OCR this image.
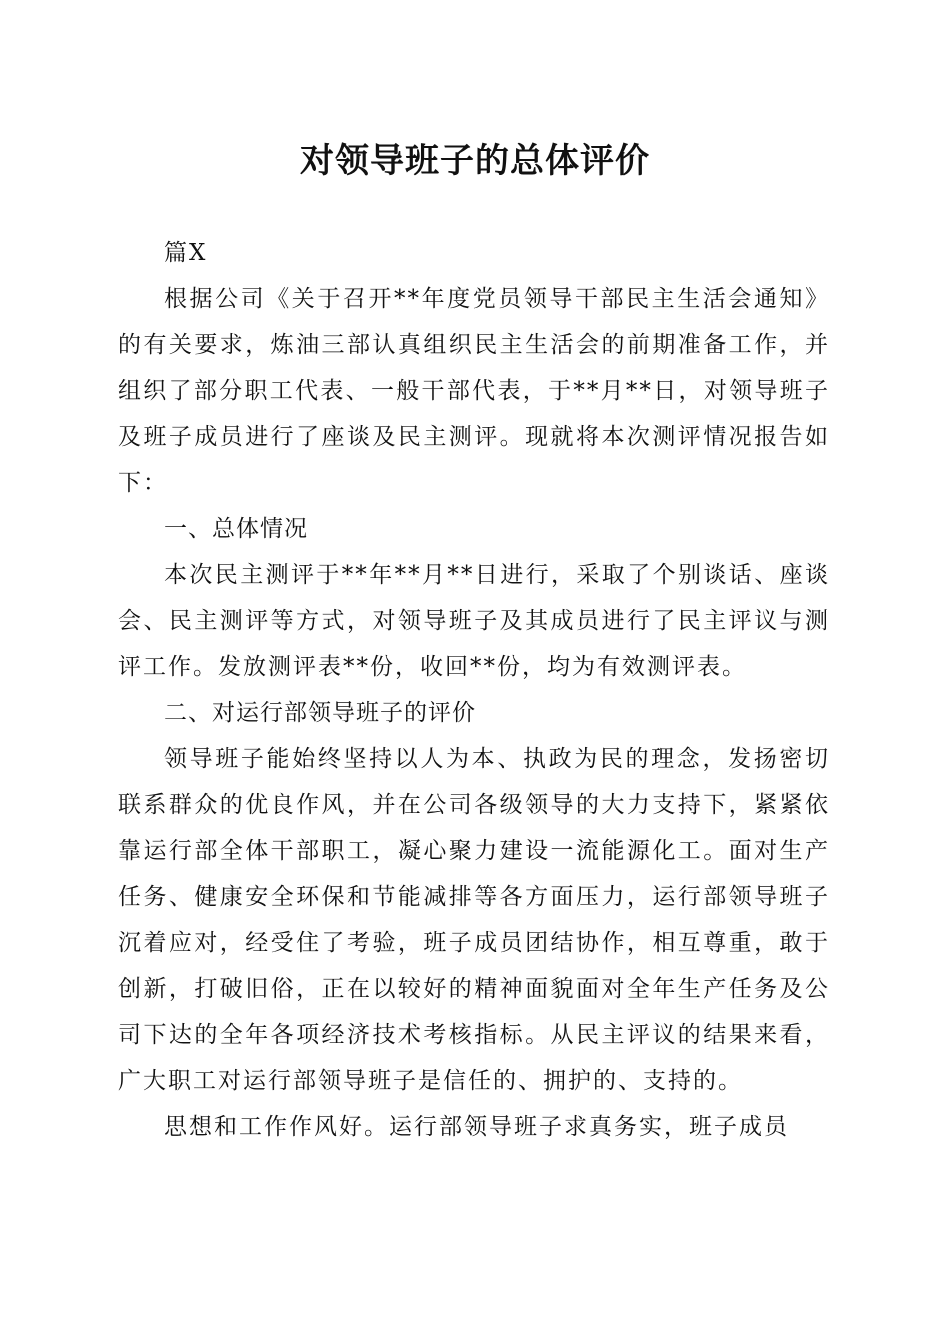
对领导班子的总体评价

篇X

根据公司《关于召开**年度党员领导干部民主生活会通知》的有关要求，炼油三部认真组织民主生活会的前期准备工作，并组织了部分职工代表、一般干部代表，于**月**日，对领导班子及班子成员进行了座谈及民主测评。现就将本次测评情况报告如下：

一、总体情况

本次民主测评于**年**月**日进行，采取了个别谈话、座谈会、民主测评等方式，对领导班子及其成员进行了民主评议与测评工作。发放测评表**份，收回**份，均为有效测评表。

二、对运行部领导班子的评价

领导班子能始终坚持以人为本、执政为民的理念，发扬密切联系群众的优良作风，并在公司各级领导的大力支持下，紧紧依靠运行部全体干部职工，凝心聚力建设一流能源化工。面对生产任务、健康安全环保和节能减排等各方面压力，运行部领导班子沉着应对，经受住了考验，班子成员团结协作，相互尊重，敢于创新，打破旧俗，正在以较好的精神面貌面对全年生产任务及公司下达的全年各项经济技术考核指标。从民主评议的结果来看，广大职工对运行部领导班子是信任的、拥护的、支持的。

思想和工作作风好。运行部领导班子求真务实，班子成员
